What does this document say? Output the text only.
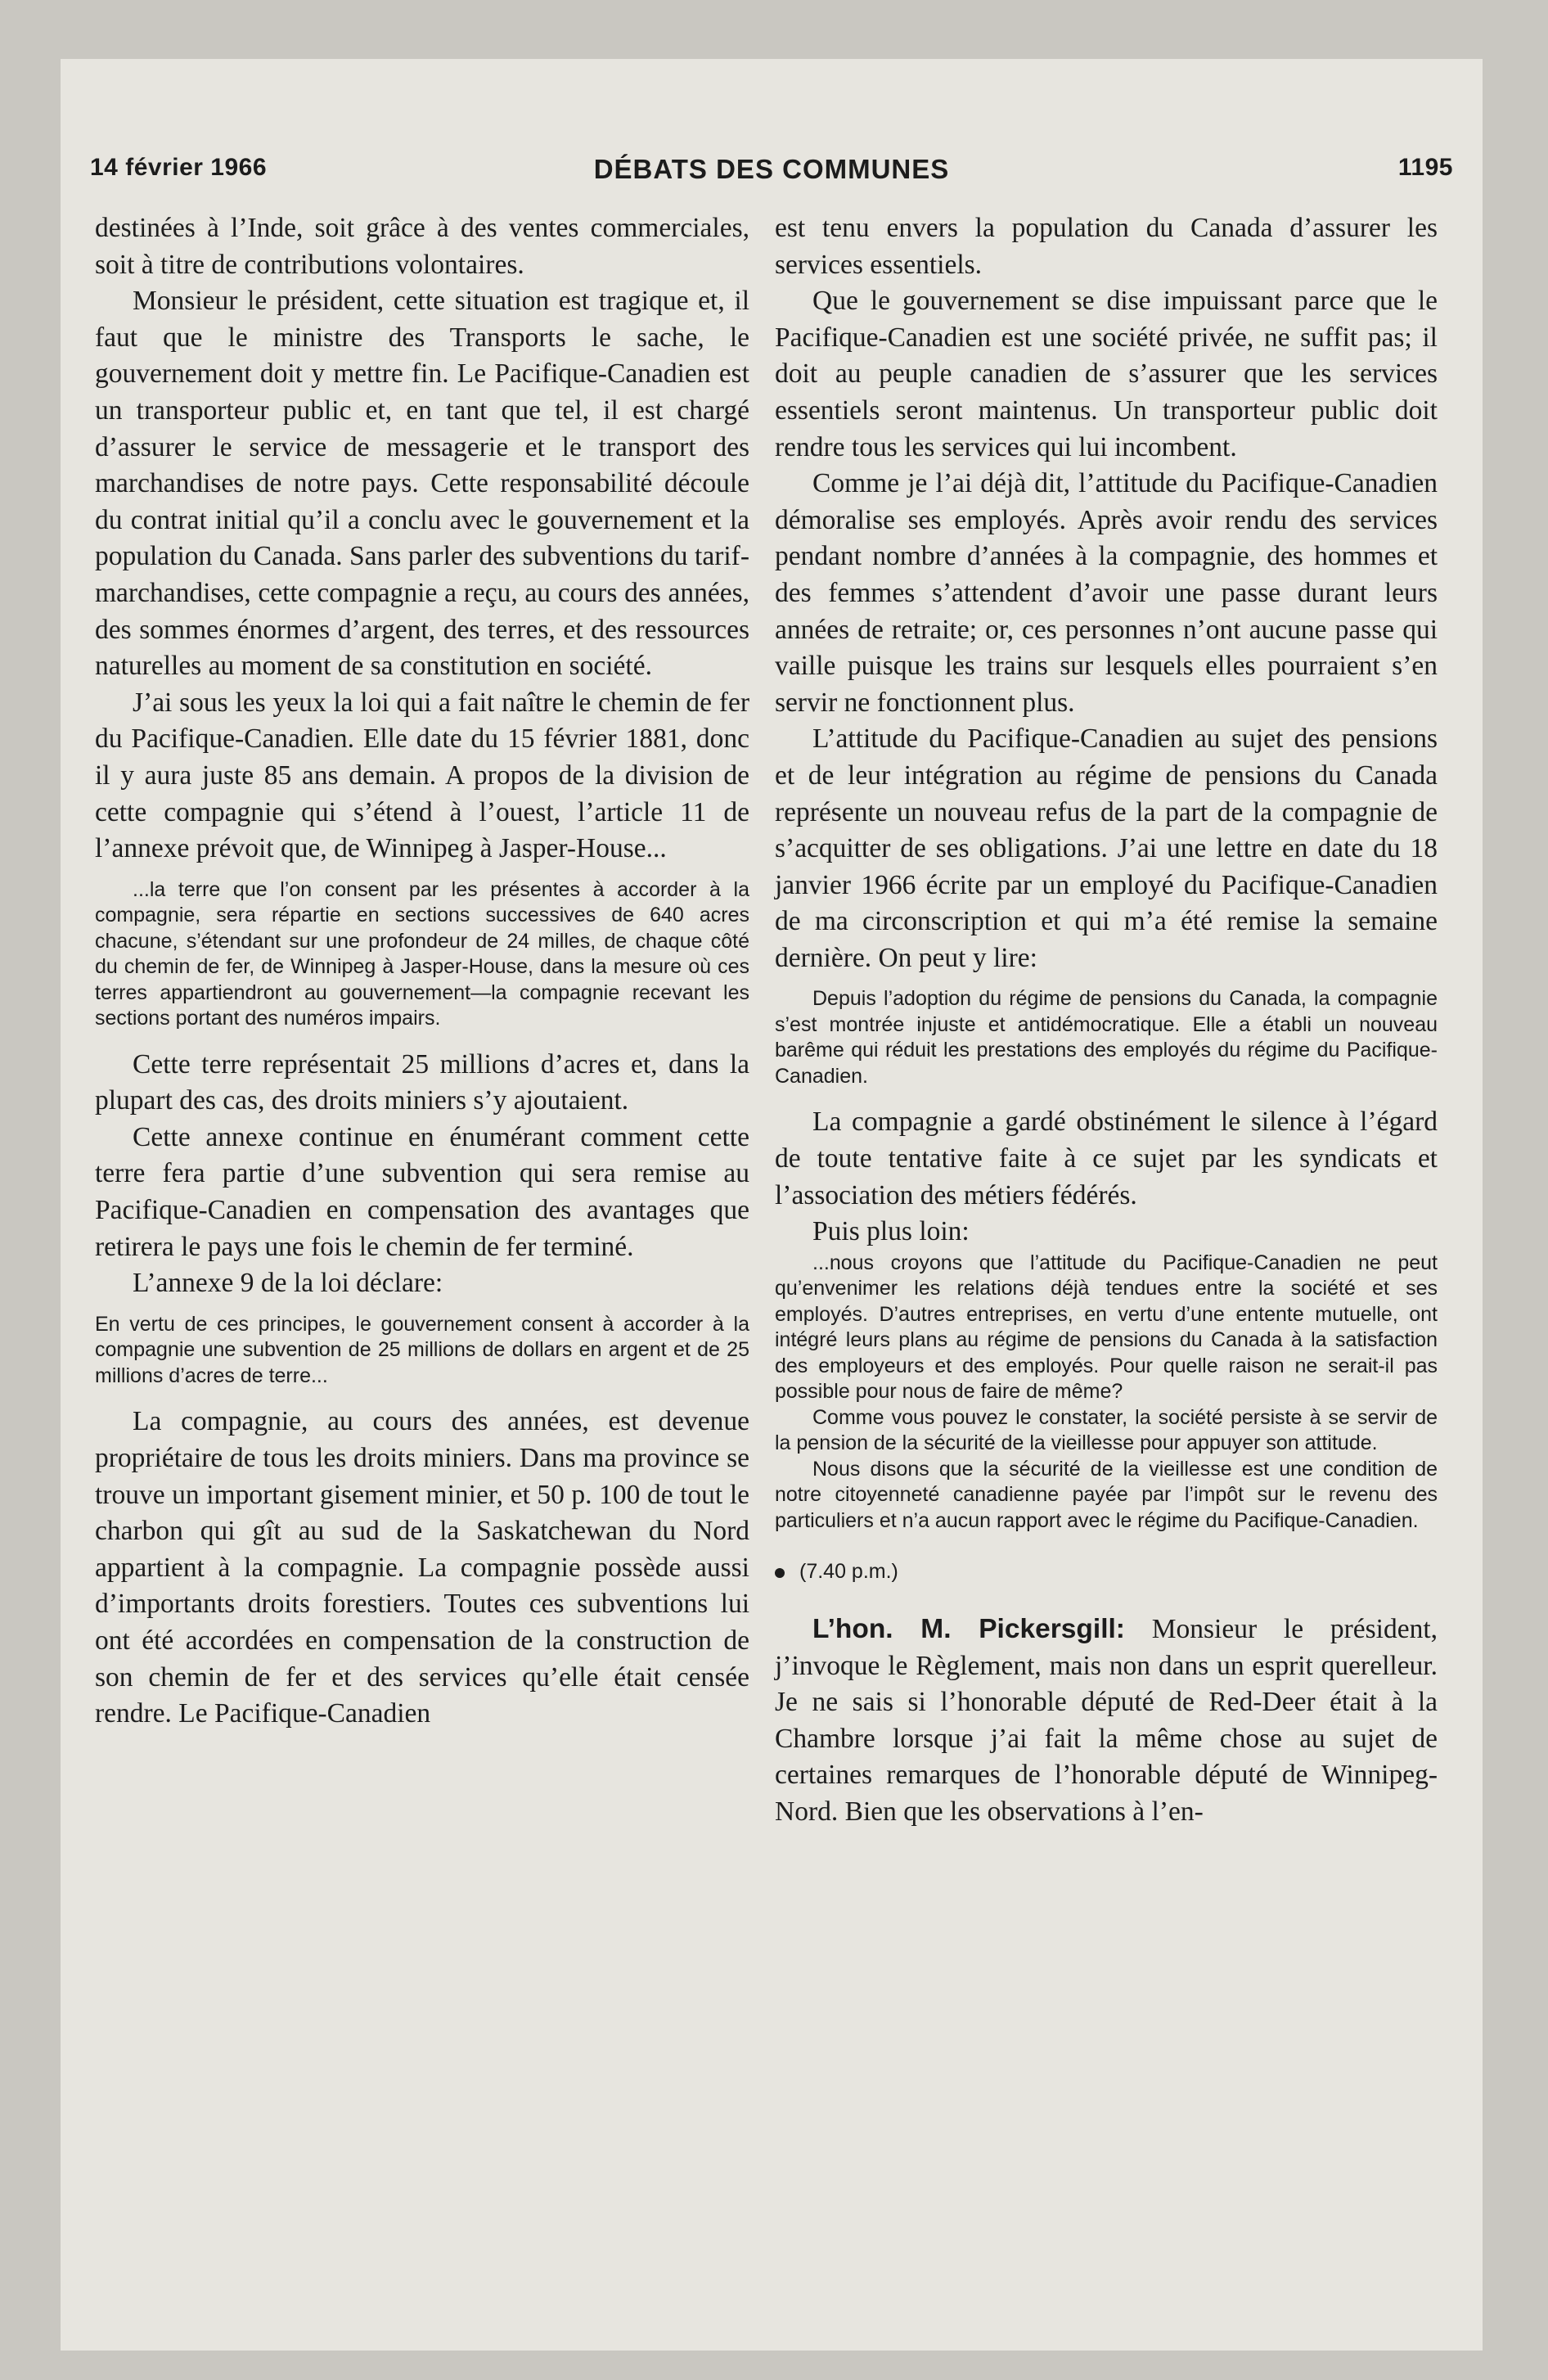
14 février 1966	DÉBATS DES COMMUNES	1195

destinées à l’Inde, soit grâce à des ventes commerciales, soit à titre de contributions volontaires.

Monsieur le président, cette situation est tragique et, il faut que le ministre des Transports le sache, le gouvernement doit y mettre fin. Le Pacifique-Canadien est un transporteur public et, en tant que tel, il est chargé d’assurer le service de messagerie et le transport des marchandises de notre pays. Cette responsabilité découle du contrat initial qu’il a conclu avec le gouvernement et la population du Canada. Sans parler des subventions du tarif-marchandises, cette compagnie a reçu, au cours des années, des sommes énormes d’argent, des terres, et des ressources naturelles au moment de sa constitution en société.

J’ai sous les yeux la loi qui a fait naître le chemin de fer du Pacifique-Canadien. Elle date du 15 février 1881, donc il y aura juste 85 ans demain. A propos de la division de cette compagnie qui s’étend à l’ouest, l’article 11 de l’annexe prévoit que, de Winnipeg à Jasper-House...

...la terre que l’on consent par les présentes à accorder à la compagnie, sera répartie en sections successives de 640 acres chacune, s’étendant sur une profondeur de 24 milles, de chaque côté du chemin de fer, de Winnipeg à Jasper-House, dans la mesure où ces terres appartiendront au gouvernement—la compagnie recevant les sections portant des numéros impairs.

Cette terre représentait 25 millions d’acres et, dans la plupart des cas, des droits miniers s’y ajoutaient.

Cette annexe continue en énumérant comment cette terre fera partie d’une subvention qui sera remise au Pacifique-Canadien en compensation des avantages que retirera le pays une fois le chemin de fer terminé.

L’annexe 9 de la loi déclare:

En vertu de ces principes, le gouvernement consent à accorder à la compagnie une subvention de 25 millions de dollars en argent et de 25 millions d’acres de terre...

La compagnie, au cours des années, est devenue propriétaire de tous les droits miniers. Dans ma province se trouve un important gisement minier, et 50 p. 100 de tout le charbon qui gît au sud de la Saskatchewan du Nord appartient à la compagnie. La compagnie possède aussi d’importants droits forestiers. Toutes ces subventions lui ont été accordées en compensation de la construction de son chemin de fer et des services qu’elle était censée rendre. Le Pacifique-Canadien

est tenu envers la population du Canada d’assurer les services essentiels.

Que le gouvernement se dise impuissant parce que le Pacifique-Canadien est une société privée, ne suffit pas; il doit au peuple canadien de s’assurer que les services essentiels seront maintenus. Un transporteur public doit rendre tous les services qui lui incombent.

Comme je l’ai déjà dit, l’attitude du Pacifique-Canadien démoralise ses employés. Après avoir rendu des services pendant nombre d’années à la compagnie, des hommes et des femmes s’attendent d’avoir une passe durant leurs années de retraite; or, ces personnes n’ont aucune passe qui vaille puisque les trains sur lesquels elles pourraient s’en servir ne fonctionnent plus.

L’attitude du Pacifique-Canadien au sujet des pensions et de leur intégration au régime de pensions du Canada représente un nouveau refus de la part de la compagnie de s’acquitter de ses obligations. J’ai une lettre en date du 18 janvier 1966 écrite par un employé du Pacifique-Canadien de ma circonscription et qui m’a été remise la semaine dernière. On peut y lire:

Depuis l’adoption du régime de pensions du Canada, la compagnie s’est montrée injuste et antidémocratique. Elle a établi un nouveau barême qui réduit les prestations des employés du régime du Pacifique-Canadien.

La compagnie a gardé obstinément le silence à l’égard de toute tentative faite à ce sujet par les syndicats et l’association des métiers fédérés.

Puis plus loin:

...nous croyons que l’attitude du Pacifique-Canadien ne peut qu’envenimer les relations déjà tendues entre la société et ses employés. D’autres entreprises, en vertu d’une entente mutuelle, ont intégré leurs plans au régime de pensions du Canada à la satisfaction des employeurs et des employés. Pour quelle raison ne serait-il pas possible pour nous de faire de même?

Comme vous pouvez le constater, la société persiste à se servir de la pension de la sécurité de la vieillesse pour appuyer son attitude.

Nous disons que la sécurité de la vieillesse est une condition de notre citoyenneté canadienne payée par l’impôt sur le revenu des particuliers et n’a aucun rapport avec le régime du Pacifique-Canadien.

(7.40 p.m.)

L’hon. M. Pickersgill: Monsieur le président, j’invoque le Règlement, mais non dans un esprit querelleur. Je ne sais si l’honorable député de Red-Deer était à la Chambre lorsque j’ai fait la même chose au sujet de certaines remarques de l’honorable député de Winnipeg-Nord. Bien que les observations à l’en-
